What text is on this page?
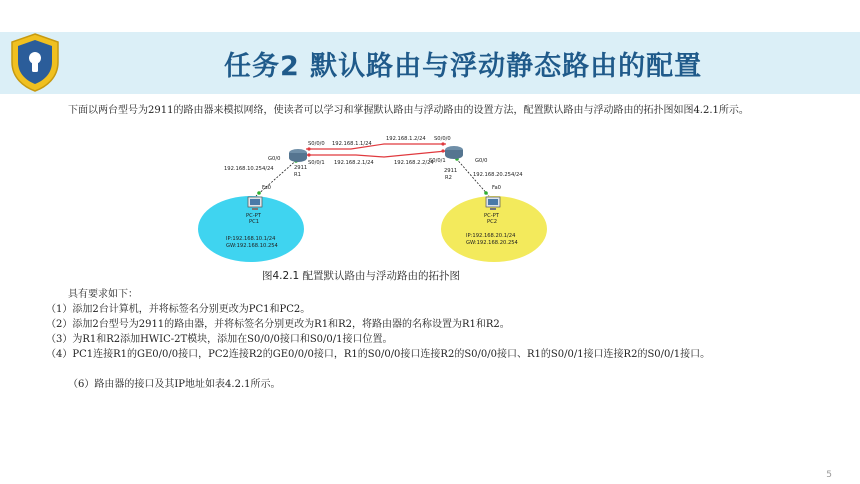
任务2 默认路由与浮动静态路由的配置
下面以两台型号为2911的路由器来模拟网络，使读者可以学习和掌握默认路由与浮动路由的设置方法，配置默认路由与浮动路由的拓扑图如图4.2.1所示。
G0/0
192.168.10.254/24	2911
R1
S0/0/0
S0/0/1
192.168.1.1/24
192.168.1.2/24
192.168.2.1/24	192.168.2.2/24
S0/0/0
S0/0/1	G0/0
2911
R2	192.168.20.254/24
Fa0	Fa0
PC-PT
PC1
IP:192.168.10.1/24
GW:192.168.10.254
PC-PT
PC2
IP:192.168.20.1/24
GW:192.168.20.254
图4.2.1 配置默认路由与浮动路由的拓扑图
具有要求如下：
（1）添加2台计算机，并将标签名分别更改为PC1和PC2。
（2）添加2台型号为2911的路由器，并将标签名分别更改为R1和R2，将路由器的名称设置为R1和R2。
（3）为R1和R2添加HWIC-2T模块，添加在S0/0/0接口和S0/0/1接口位置。
（4）PC1连接R1的GE0/0/0接口，PC2连接R2的GE0/0/0接口，R1的S0/0/0接口连接R2的S0/0/0接口、R1的S0/0/1接口连接R2的S0/0/1接口。
（6）路由器的接口及其IP地址如表4.2.1所示。
5
